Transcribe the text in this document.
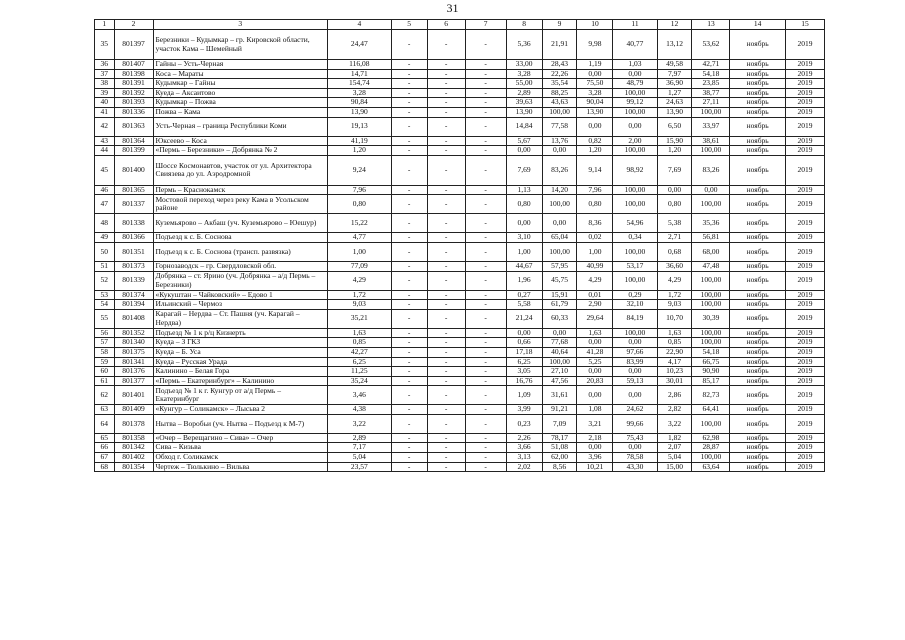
31
1	2	3	4	5	6	7	8	9	10	11	12	13	14	15
35	801397	Березники – Кудымкар – гр. Кировской области, участок Кама – Шемейный	24,47	-	-	-	5,36	21,91	9,98	40,77	13,12	53,62	ноябрь	2019
36	801407	Гайны – Усть-Черная	116,08	-	-	-	33,00	28,43	1,19	1,03	49,58	42,71	ноябрь	2019
37	801398	Коса – Мараты	14,71	-	-	-	3,28	22,26	0,00	0,00	7,97	54,18	ноябрь	2019
38	801391	Кудымкар – Гайны	154,74	-	-	-	55,00	35,54	75,50	48,79	36,90	23,85	ноябрь	2019
39	801392	Куеда – Аксаитово	3,28	-	-	-	2,89	88,25	3,28	100,00	1,27	38,77	ноябрь	2019
40	801393	Кудымкар – Пожва	90,84	-	-	-	39,63	43,63	90,04	99,12	24,63	27,11	ноябрь	2019
41	801336	Пожва – Кама	13,90	-	-	-	13,90	100,00	13,90	100,00	13,90	100,00	ноябрь	2019
42	801363	Усть-Черная – граница Республики Коми	19,13	-	-	-	14,84	77,58	0,00	0,00	6,50	33,97	ноябрь	2019
43	801364	Юксеево – Коса	41,19	-	-	-	5,67	13,76	0,82	2,00	15,90	38,61	ноябрь	2019
44	801399	«Пермь – Березники» – Добрянка № 2	1,20	-	-	-	0,00	0,00	1,20	100,00	1,20	100,00	ноябрь	2019
45	801400	Шоссе Космонавтов, участок от ул. Архитектора Свиязева до ул. Аэродромной	9,24	-	-	-	7,69	83,26	9,14	98,92	7,69	83,26	ноябрь	2019
46	801365	Пермь – Краснокамск	7,96	-	-	-	1,13	14,20	7,96	100,00	0,00	0,00	ноябрь	2019
47	801337	Мостовой переход через реку Кама в Усольском районе	0,80	-	-	-	0,80	100,00	0,80	100,00	0,80	100,00	ноябрь	2019
48	801338	Куземьярово – Акбаш (уч. Куземьярово – Юешур)	15,22	-	-	-	0,00	0,00	8,36	54,96	5,38	35,36	ноябрь	2019
49	801366	Подъезд к с. Б. Соснова	4,77	-	-	-	3,10	65,04	0,02	0,34	2,71	56,81	ноябрь	2019
50	801351	Подъезд к с. Б. Соснова (трансп. развязка)	1,00	-	-	-	1,00	100,00	1,00	100,00	0,68	68,00	ноябрь	2019
51	801373	Горнозаводск – гр. Свердловской обл.	77,09	-	-	-	44,67	57,95	40,99	53,17	36,60	47,48	ноябрь	2019
52	801339	Добрянка – ст. Ярино (уч. Добрянка – а/д Пермь – Березники)	4,29	-	-	-	1,96	45,75	4,29	100,00	4,29	100,00	ноябрь	2019
53	801374	«Кукуштан – Чайковский» – Едово 1	1,72	-	-	-	0,27	15,91	0,01	0,29	1,72	100,00	ноябрь	2019
54	801394	Ильинский – Чермоз	9,03	-	-	-	5,58	61,79	2,90	32,10	9,03	100,00	ноябрь	2019
55	801408	Карагай – Нердва – Ст. Пашня (уч. Карагай – Нердва)	35,21	-	-	-	21,24	60,33	29,64	84,19	10,70	30,39	ноябрь	2019
56	801352	Подъезд № 1 к р/ц Кизнерть	1,63	-	-	-	0,00	0,00	1,63	100,00	1,63	100,00	ноябрь	2019
57	801340	Куеда – З ГКЗ	0,85	-	-	-	0,66	77,68	0,00	0,00	0,85	100,00	ноябрь	2019
58	801375	Куеда – Б. Уса	42,27	-	-	-	17,18	40,64	41,28	97,66	22,90	54,18	ноябрь	2019
59	801341	Куеда – Русская Урада	6,25	-	-	-	6,25	100,00	5,25	83,99	4,17	66,75	ноябрь	2019
60	801376	Калинино – Белая Гора	11,25	-	-	-	3,05	27,10	0,00	0,00	10,23	90,90	ноябрь	2019
61	801377	«Пермь – Екатеринбург» – Калинино	35,24	-	-	-	16,76	47,56	20,83	59,13	30,01	85,17	ноябрь	2019
62	801401	Подъезд № 1 к г. Кунгур от а/д Пермь – Екатеринбург	3,46	-	-	-	1,09	31,61	0,00	0,00	2,86	82,73	ноябрь	2019
63	801409	«Кунгур – Соликамск» – Лысьва 2	4,38	-	-	-	3,99	91,21	1,08	24,62	2,82	64,41	ноябрь	2019
64	801378	Нытва – Воробьи (уч. Нытва – Подъезд к М-7)	3,22	-	-	-	0,23	7,09	3,21	99,66	3,22	100,00	ноябрь	2019
65	801358	«Очер – Верещагино – Сива» – Очер	2,89	-	-	-	2,26	78,17	2,18	75,43	1,82	62,98	ноябрь	2019
66	801342	Сива – Кизьва	7,17	-	-	-	3,66	51,08	0,00	0,00	2,07	28,87	ноябрь	2019
67	801402	Обход г. Соликамск	5,04	-	-	-	3,13	62,00	3,96	78,58	5,04	100,00	ноябрь	2019
68	801354	Чертеж – Тюлькино – Вильва	23,57	-	-	-	2,02	8,56	10,21	43,30	15,00	63,64	ноябрь	2019
